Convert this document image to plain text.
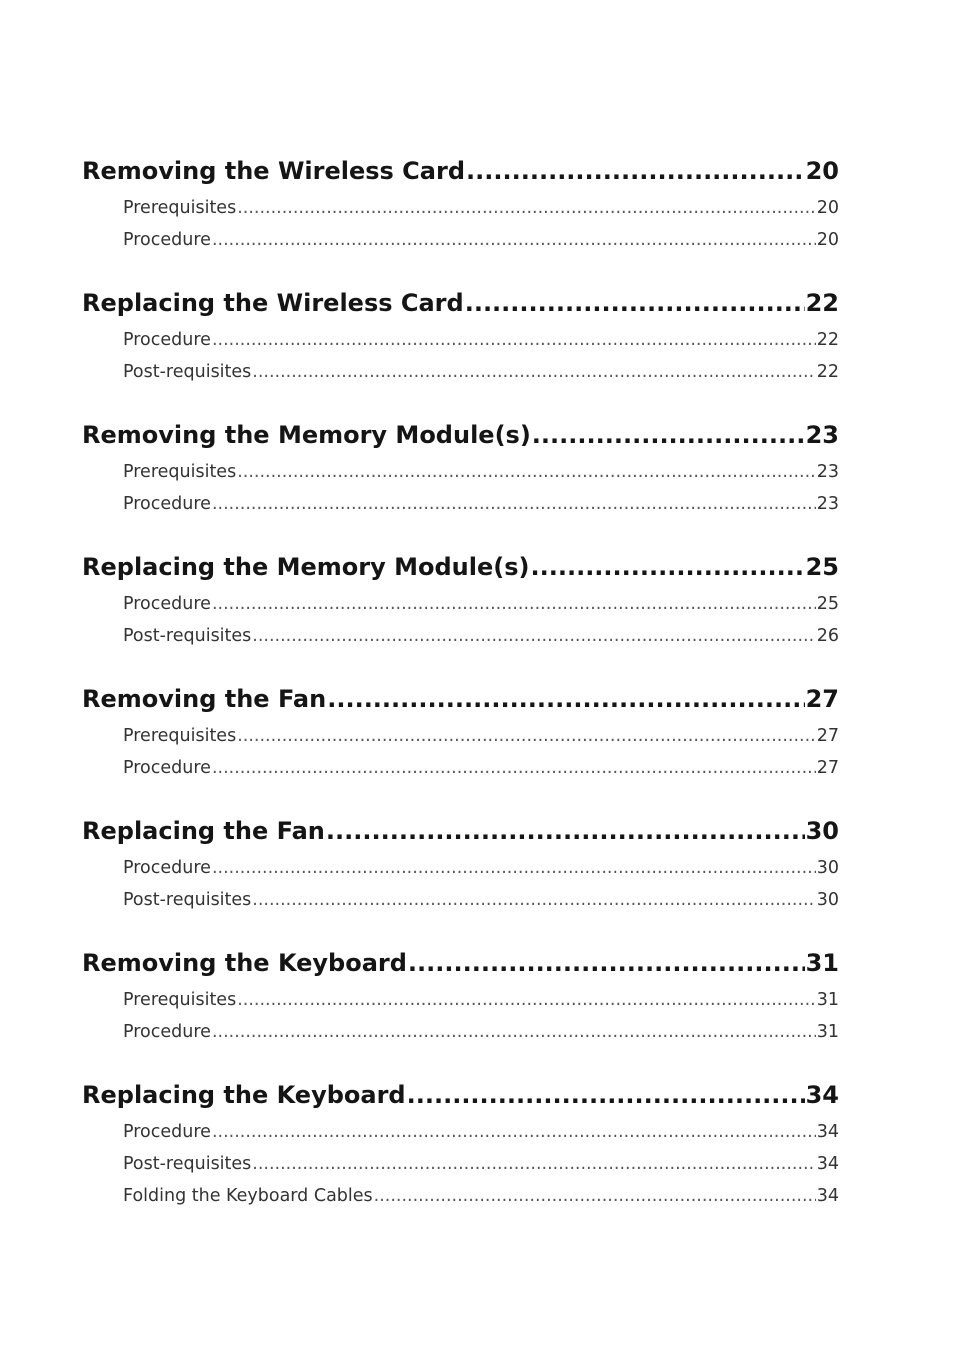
Removing the Wireless Card .....	20
Prerequisites .....	20
Procedure .....	20
Replacing the Wireless Card .....	22
Procedure .....	22
Post-requisites .....	22
Removing the Memory Module(s) .....	23
Prerequisites .....	23
Procedure .....	23
Replacing the Memory Module(s) .....	25
Procedure .....	25
Post-requisites .....	26
Removing the Fan .....	27
Prerequisites .....	27
Procedure .....	27
Replacing the Fan .....	30
Procedure .....	30
Post-requisites .....	30
Removing the Keyboard .....	31
Prerequisites .....	31
Procedure .....	31
Replacing the Keyboard .....	34
Procedure .....	34
Post-requisites .....	34
Folding the Keyboard Cables .....	34
